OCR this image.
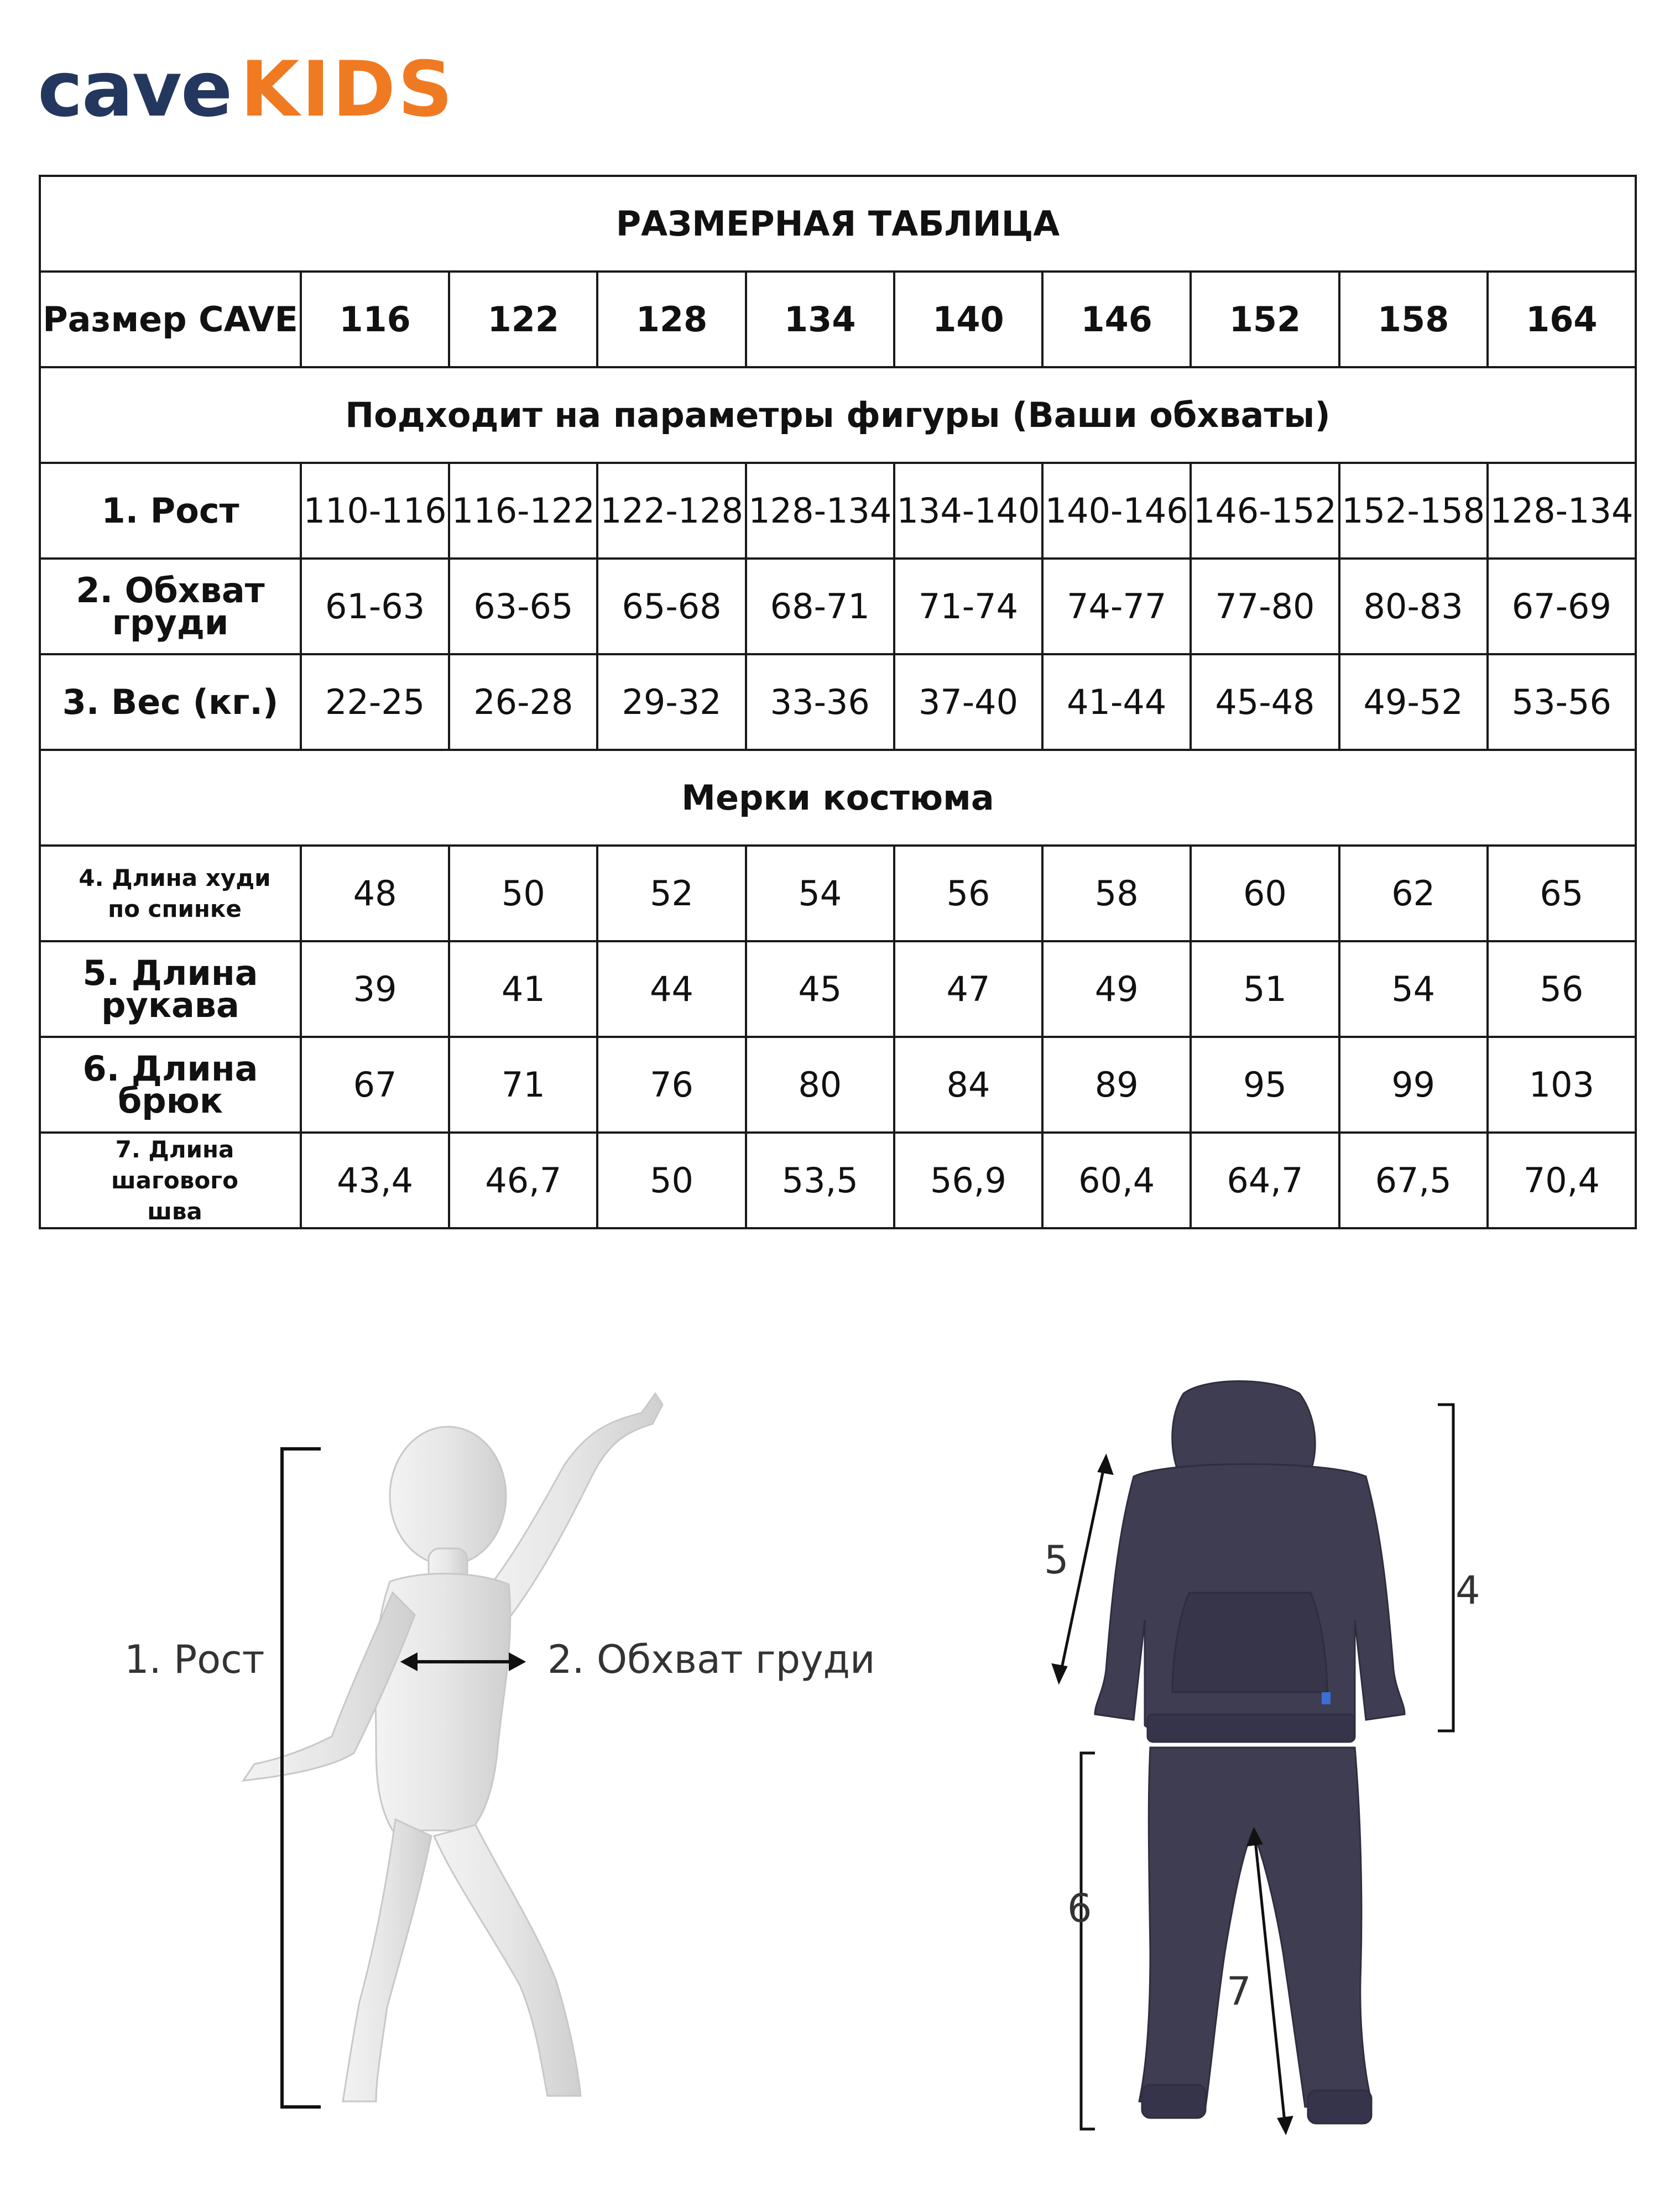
cave KIDS
РАЗМЕРНАЯ ТАБЛИЦА									
Размер CAVE	116	122	128	134	140	146	152	158	164
Подходит на параметры фигуры (Ваши обхваты)									
1. Рост	110-116	116-122	122-128	128-134	134-140	140-146	146-152	152-158	128-134
2. Обхват груди	61-63	63-65	65-68	68-71	71-74	74-77	77-80	80-83	67-69
3. Вес (кг.)	22-25	26-28	29-32	33-36	37-40	41-44	45-48	49-52	53-56
Мерки костюма									

4. Длина худи
по спинке	48	50	52	54	56	58	60	62	65
5. Длина рукава	39	41	44	45	47	49	51	54	56
6. Длина брюк	67	71	76	80	84	89	95	99	103

7. Длина шагового
шва	43,4	46,7	50	53,5	56,9	60,4	64,7	67,5	70,4
1. Рост	2. Обхват груди
5
4
6
7
